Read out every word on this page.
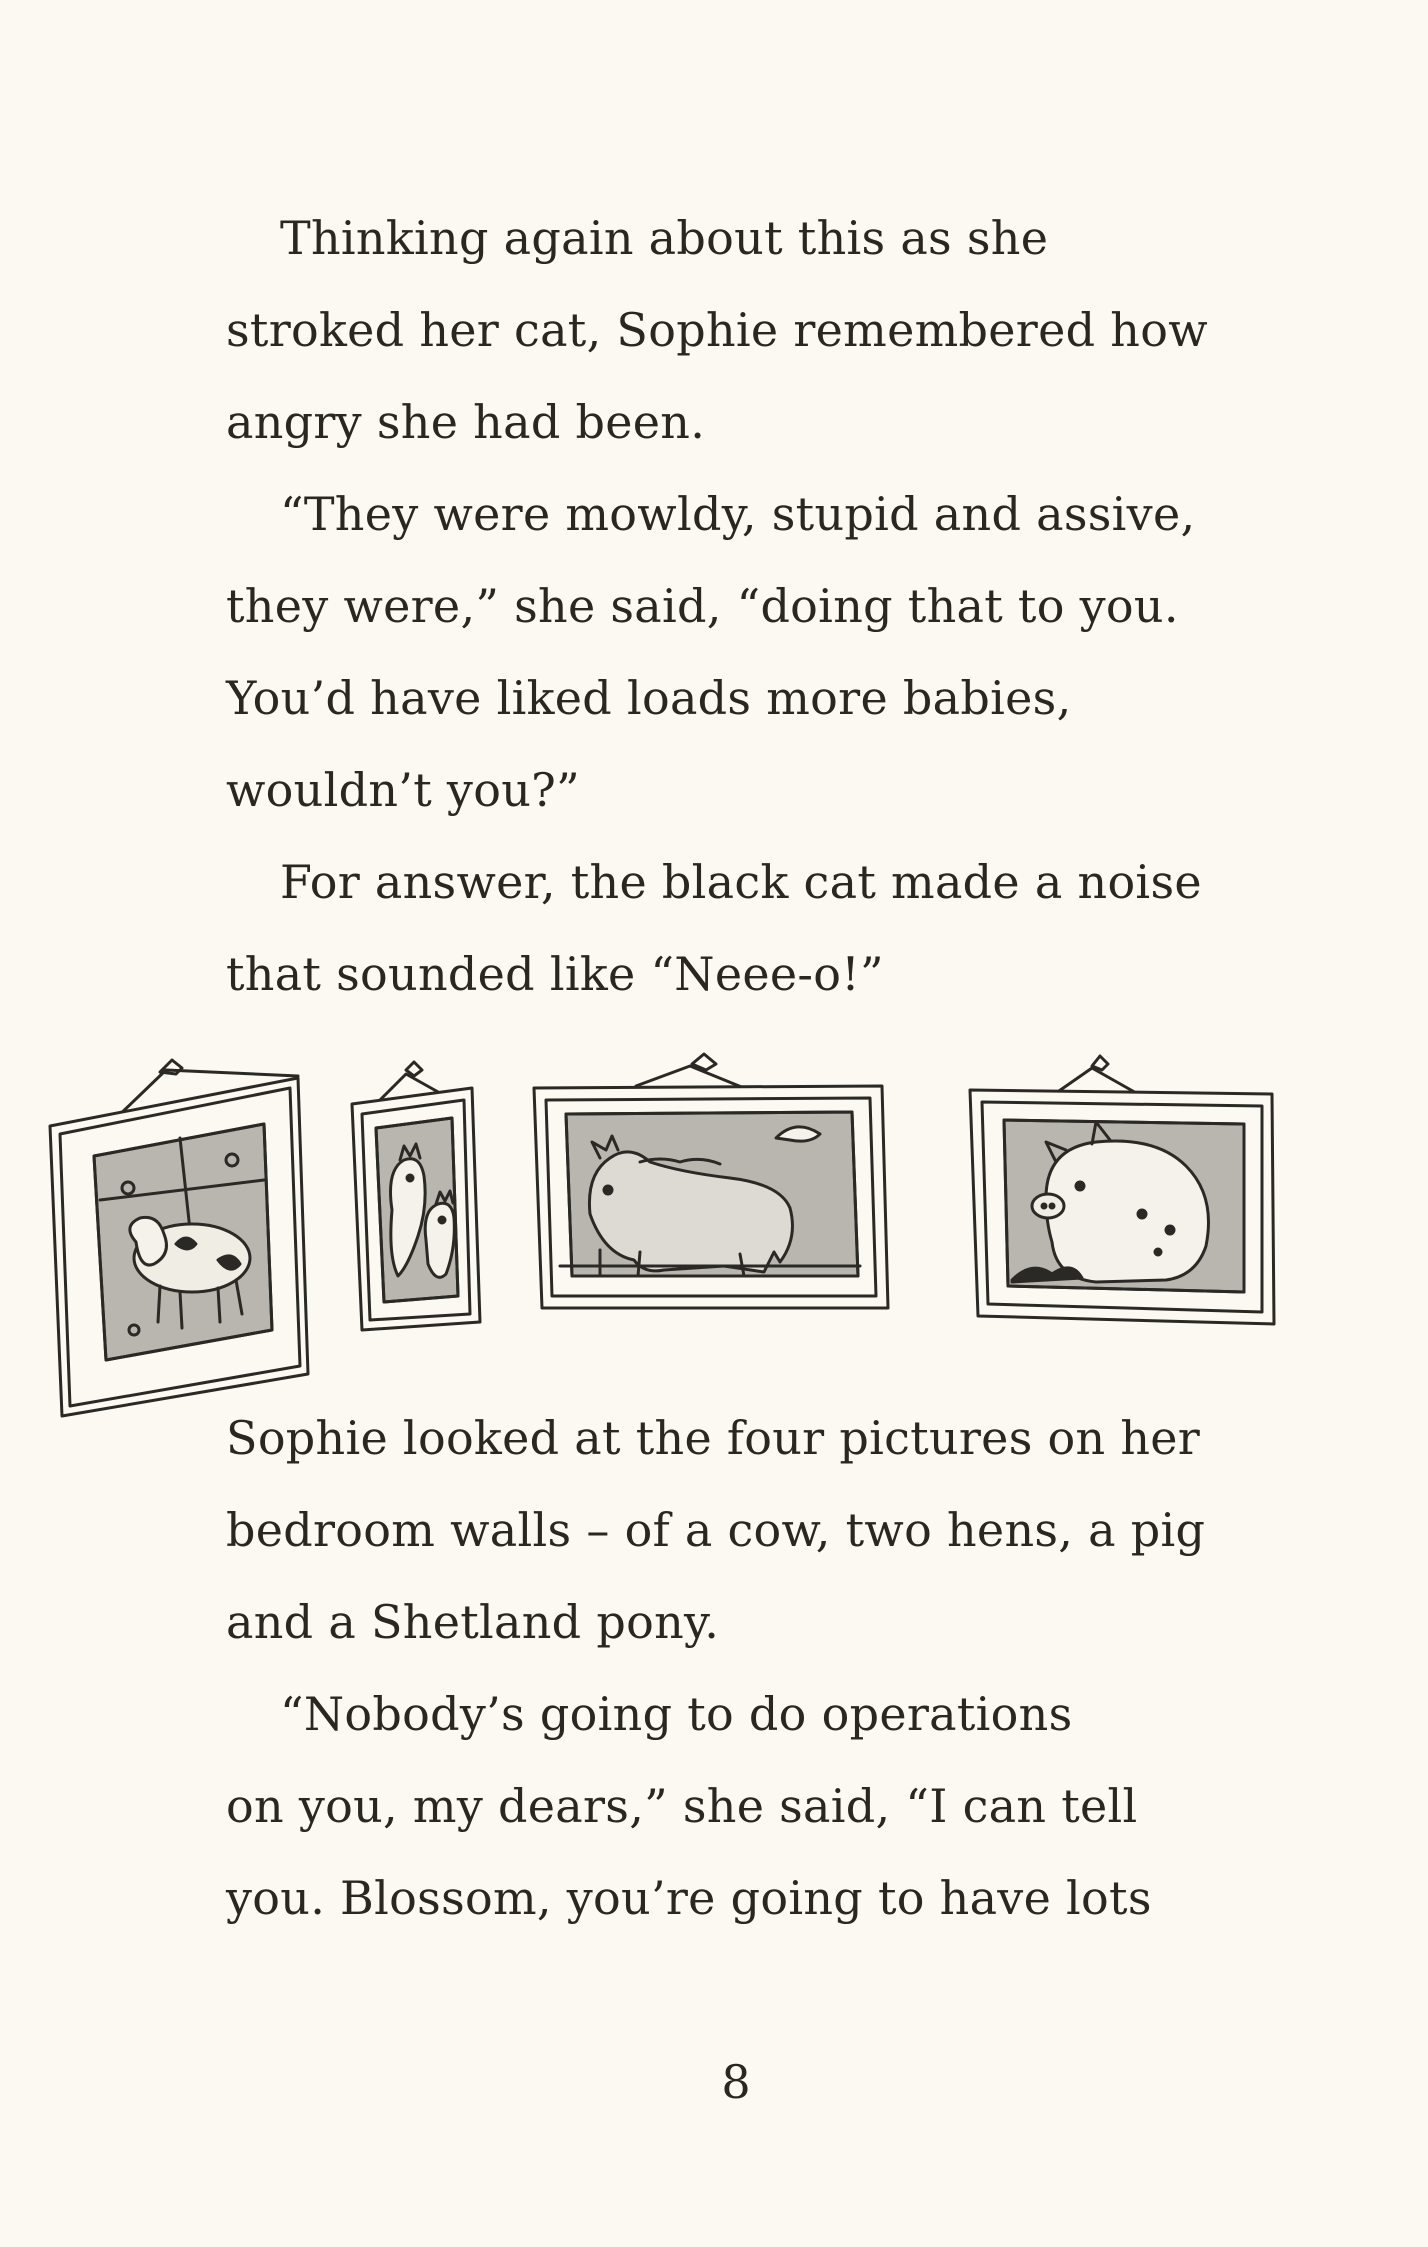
Thinking again about this as she
stroked her cat, Sophie remembered how
angry she had been.
“They were mowldy, stupid and assive,
they were,” she said, “doing that to you.
You’d have liked loads more babies,
wouldn’t you?”
For answer, the black cat made a noise
that sounded like “Neee-o!”
Sophie looked at the four pictures on her
bedroom walls – of a cow, two hens, a pig
and a Shetland pony.
“Nobody’s going to do operations
on you, my dears,” she said, “I can tell
you. Blossom, you’re going to have lots
8
